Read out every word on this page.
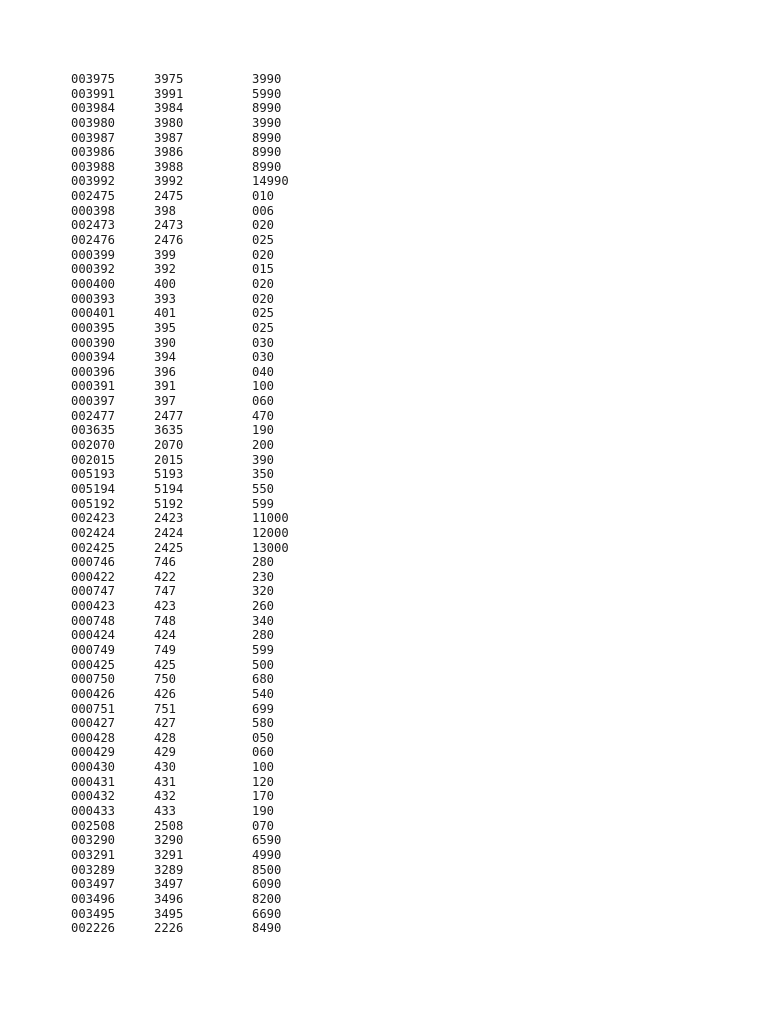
003975	3975	3990
003991	3991	5990
003984	3984	8990
003980	3980	3990
003987	3987	8990
003986	3986	8990
003988	3988	8990
003992	3992	14990
002475	2475	010
000398	398	006
002473	2473	020
002476	2476	025
000399	399	020
000392	392	015
000400	400	020
000393	393	020
000401	401	025
000395	395	025
000390	390	030
000394	394	030
000396	396	040
000391	391	100
000397	397	060
002477	2477	470
003635	3635	190
002070	2070	200
002015	2015	390
005193	5193	350
005194	5194	550
005192	5192	599
002423	2423	11000
002424	2424	12000
002425	2425	13000
000746	746	280
000422	422	230
000747	747	320
000423	423	260
000748	748	340
000424	424	280
000749	749	599
000425	425	500
000750	750	680
000426	426	540
000751	751	699
000427	427	580
000428	428	050
000429	429	060
000430	430	100
000431	431	120
000432	432	170
000433	433	190
002508	2508	070
003290	3290	6590
003291	3291	4990
003289	3289	8500
003497	3497	6090
003496	3496	8200
003495	3495	6690
002226	2226	8490
